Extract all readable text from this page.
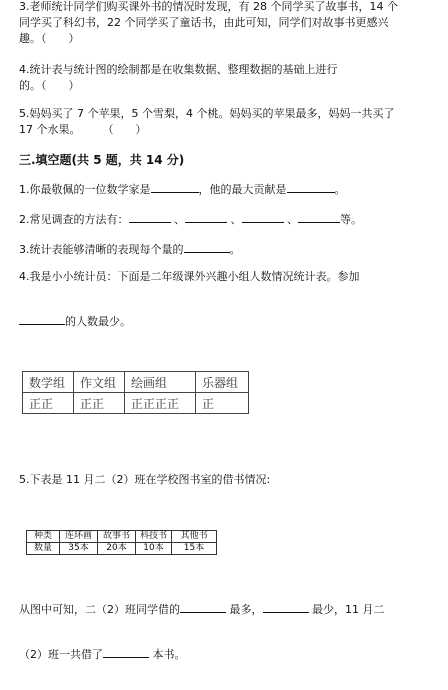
3.老师统计同学们购买课外书的情况时发现，有 28 个同学买了故事书，14 个
同学买了科幻书，22 个同学买了童话书，由此可知，同学们对故事书更感兴
趣。（　　）
4.统计表与统计图的绘制都是在收集数据、整理数据的基础上进行
的。（　　）
5.妈妈买了 7 个苹果，5 个雪梨，4 个桃。妈妈买的苹果最多，妈妈一共买了
17 个水果。　　　（　　）
三.填空题(共 5 题，共 14 分)
1.你最敬佩的一位数学家是	，他的最大贡献是	。
2.常见调查的方法有：	、	、	、	等。
3.统计表能够清晰的表现每个量的	。
4.我是小小统计员：下面是二年级课外兴趣小组人数情况统计表。参加
的人数最少。
数学组	作文组	绘画组	乐器组
正正	正正	正正正正	正
5.下表是 11 月二（2）班在学校图书室的借书情况:
种类	连环画	故事书	科技书	其他书
数量	35本	20本	10本	15本
从图中可知，二（2）班同学借的	最多，	最少，11 月二
（2）班一共借了	本书。
